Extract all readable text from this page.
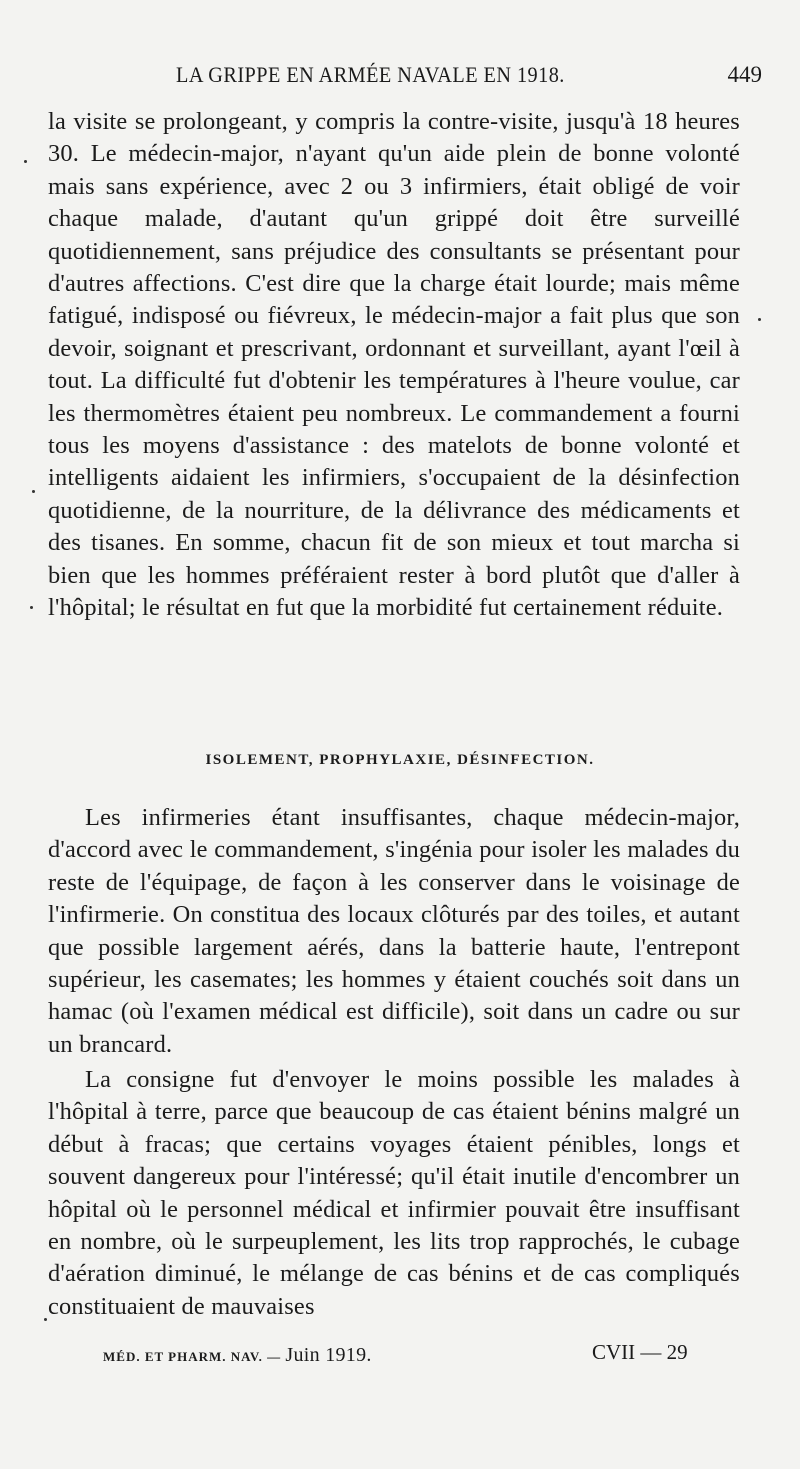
LA GRIPPE EN ARMÉE NAVALE EN 1918.	449

la visite se prolongeant, y compris la contre-visite, jusqu'à 18 heures 30. Le médecin-major, n'ayant qu'un aide plein de bonne volonté mais sans expérience, avec 2 ou 3 infirmiers, était obligé de voir chaque malade, d'autant qu'un grippé doit être surveillé quotidiennement, sans préjudice des consultants se présentant pour d'autres affections. C'est dire que la charge était lourde; mais même fatigué, indisposé ou fiévreux, le médecin-major a fait plus que son devoir, soignant et prescrivant, ordonnant et surveillant, ayant l'œil à tout. La difficulté fut d'obtenir les températures à l'heure voulue, car les thermomètres étaient peu nombreux. Le commandement a fourni tous les moyens d'assistance : des matelots de bonne volonté et intelligents aidaient les infirmiers, s'occupaient de la désinfection quotidienne, de la nourriture, de la délivrance des médicaments et des tisanes. En somme, chacun fit de son mieux et tout marcha si bien que les hommes préféraient rester à bord plutôt que d'aller à l'hôpital; le résultat en fut que la morbidité fut certainement réduite.

ISOLEMENT, PROPHYLAXIE, DÉSINFECTION.

Les infirmeries étant insuffisantes, chaque médecin-major, d'accord avec le commandement, s'ingénia pour isoler les malades du reste de l'équipage, de façon à les conserver dans le voisinage de l'infirmerie. On constitua des locaux clôturés par des toiles, et autant que possible largement aérés, dans la batterie haute, l'entrepont supérieur, les casemates; les hommes y étaient couchés soit dans un hamac (où l'examen médical est difficile), soit dans un cadre ou sur un brancard.

La consigne fut d'envoyer le moins possible les malades à l'hôpital à terre, parce que beaucoup de cas étaient bénins malgré un début à fracas; que certains voyages étaient pénibles, longs et souvent dangereux pour l'intéressé; qu'il était inutile d'encombrer un hôpital où le personnel médical et infirmier pouvait être insuffisant en nombre, où le surpeuplement, les lits trop rapprochés, le cubage d'aération diminué, le mélange de cas bénins et de cas compliqués constituaient de mauvaises

MÉD. ET PHARM. NAV. — Juin 1919.	CVII — 29
